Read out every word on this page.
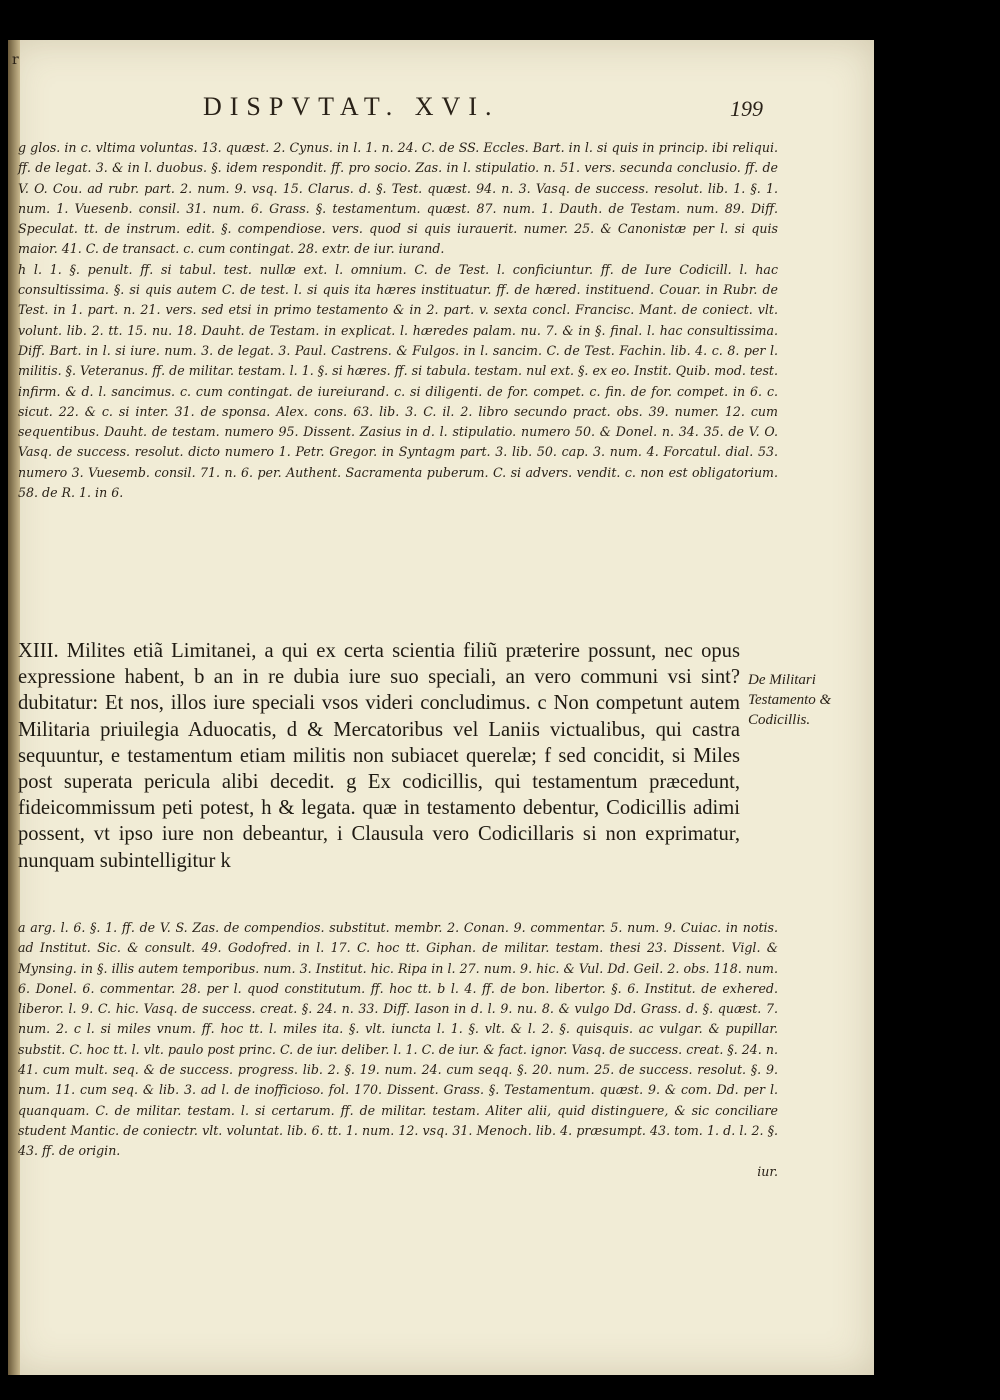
r
DISPVTAT. XVI.	199

g glos. in c. vltima voluntas. 13. quæst. 2. Cynus. in l. 1. n. 24. C. de SS. Eccles. Bart. in l. si quis in princip. ibi reliqui. ff. de legat. 3. & in l. duobus. §. idem respondit. ff. pro socio. Zas. in l. stipulatio. n. 51. vers. secunda conclusio. ff. de V. O. Cou. ad rubr. part. 2. num. 9. vsq. 15. Clarus. d. §. Test. quæst. 94. n. 3. Vasq. de success. resolut. lib. 1. §. 1. num. 1. Vuesenb. consil. 31. num. 6. Grass. §. testamentum. quæst. 87. num. 1. Dauth. de Testam. num. 89. Diff. Speculat. tt. de instrum. edit. §. compendiose. vers. quod si quis iurauerit. numer. 25. & Canonistæ per l. si quis maior. 41. C. de transact. c. cum contingat. 28. extr. de iur. iurand.

h l. 1. §. penult. ff. si tabul. test. nullæ ext. l. omnium. C. de Test. l. conficiuntur. ff. de Iure Codicill. l. hac consultissima. §. si quis autem C. de test. l. si quis ita hæres instituatur. ff. de hæred. instituend. Couar. in Rubr. de Test. in 1. part. n. 21. vers. sed etsi in primo testamento & in 2. part. v. sexta concl. Francisc. Mant. de coniect. vlt. volunt. lib. 2. tt. 15. nu. 18. Dauht. de Testam. in explicat. l. hæredes palam. nu. 7. & in §. final. l. hac consultissima. Diff. Bart. in l. si iure. num. 3. de legat. 3. Paul. Castrens. & Fulgos. in l. sancim. C. de Test. Fachin. lib. 4. c. 8. per l. militis. §. Veteranus. ff. de militar. testam. l. 1. §. si hæres. ff. si tabula. testam. nul ext. §. ex eo. Instit. Quib. mod. test. infirm. & d. l. sancimus. c. cum contingat. de iureiurand. c. si diligenti. de for. compet. c. fin. de for. compet. in 6. c. sicut. 22. & c. si inter. 31. de sponsa. Alex. cons. 63. lib. 3. C. il. 2. libro secundo pract. obs. 39. numer. 12. cum sequentibus. Dauht. de testam. numero 95. Dissent. Zasius in d. l. stipulatio. numero 50. & Donel. n. 34. 35. de V. O. Vasq. de success. resolut. dicto numero 1. Petr. Gregor. in Syntagm part. 3. lib. 50. cap. 3. num. 4. Forcatul. dial. 53. numero 3. Vuesemb. consil. 71. n. 6. per. Authent. Sacramenta puberum. C. si advers. vendit. c. non est obligatorium. 58. de R. 1. in 6.

XIII. Milites etiã Limitanei, a qui ex certa scientia filiũ præterire possunt, nec opus expressione habent, b an in re dubia iure suo speciali, an vero communi vsi sint? dubitatur: Et nos, illos iure speciali vsos videri concludimus. c Non competunt autem Militaria priuilegia Aduocatis, d & Mercatoribus vel Laniis victualibus, qui castra sequuntur, e testamentum etiam militis non subiacet querelæ; f sed concidit, si Miles post superata pericula alibi decedit. g Ex codicillis, qui testamentum præcedunt, fideicommissum peti potest, h & legata. quæ in testamento debentur, Codicillis adimi possent, vt ipso iure non debeantur, i Clausula vero Codicillaris si non exprimatur, nunquam subintelligitur k

De Militari Testamento & Codicillis.

a arg. l. 6. §. 1. ff. de V. S. Zas. de compendios. substitut. membr. 2. Conan. 9. commentar. 5. num. 9. Cuiac. in notis. ad Institut. Sic. & consult. 49. Godofred. in l. 17. C. hoc tt. Giphan. de militar. testam. thesi 23. Dissent. Vigl. & Mynsing. in §. illis autem temporibus. num. 3. Institut. hic. Ripa in l. 27. num. 9. hic. & Vul. Dd. Geil. 2. obs. 118. num. 6. Donel. 6. commentar. 28. per l. quod constitutum. ff. hoc tt. b l. 4. ff. de bon. libertor. §. 6. Institut. de exhered. liberor. l. 9. C. hic. Vasq. de success. creat. §. 24. n. 33. Diff. Iason in d. l. 9. nu. 8. & vulgo Dd. Grass. d. §. quæst. 7. num. 2. c l. si miles vnum. ff. hoc tt. l. miles ita. §. vlt. iuncta l. 1. §. vlt. & l. 2. §. quisquis. ac vulgar. & pupillar. substit. C. hoc tt. l. vlt. paulo post princ. C. de iur. deliber. l. 1. C. de iur. & fact. ignor. Vasq. de success. creat. §. 24. n. 41. cum mult. seq. & de success. progress. lib. 2. §. 19. num. 24. cum seqq. §. 20. num. 25. de success. resolut. §. 9. num. 11. cum seq. & lib. 3. ad l. de inofficioso. fol. 170. Dissent. Grass. §. Testamentum. quæst. 9. & com. Dd. per l. quanquam. C. de militar. testam. l. si certarum. ff. de militar. testam. Aliter alii, quid distinguere, & sic conciliare student Mantic. de coniectr. vlt. voluntat. lib. 6. tt. 1. num. 12. vsq. 31. Menoch. lib. 4. præsumpt. 43. tom. 1. d. l. 2. §. 43. ff. de origin.

iur.
